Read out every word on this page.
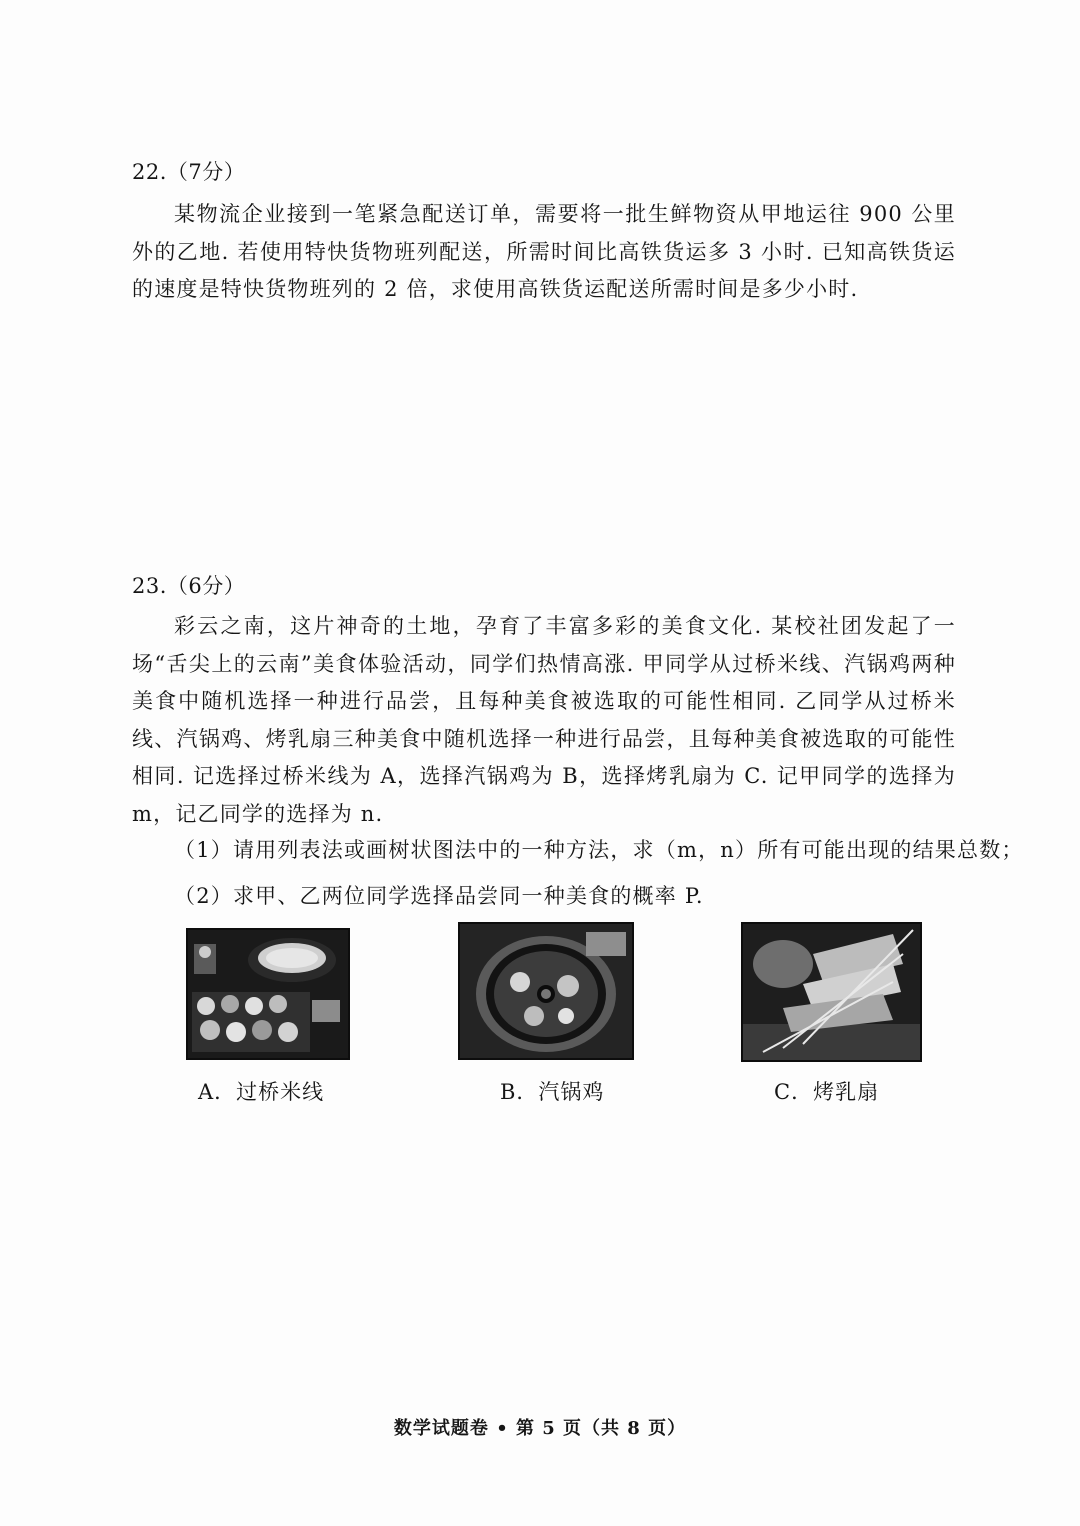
22.（7分）

某物流企业接到一笔紧急配送订单，需要将一批生鲜物资从甲地运往 900 公里外的乙地. 若使用特快货物班列配送，所需时间比高铁货运多 3 小时. 已知高铁货运的速度是特快货物班列的 2 倍，求使用高铁货运配送所需时间是多少小时.

23.（6分）

彩云之南，这片神奇的土地，孕育了丰富多彩的美食文化. 某校社团发起了一场“舌尖上的云南”美食体验活动，同学们热情高涨. 甲同学从过桥米线、汽锅鸡两种美食中随机选择一种进行品尝，且每种美食被选取的可能性相同. 乙同学从过桥米线、汽锅鸡、烤乳扇三种美食中随机选择一种进行品尝，且每种美食被选取的可能性相同. 记选择过桥米线为 A，选择汽锅鸡为 B，选择烤乳扇为 C. 记甲同学的选择为 m，记乙同学的选择为 n.

（1）请用列表法或画树状图法中的一种方法，求（m，n）所有可能出现的结果总数；
（2）求甲、乙两位同学选择品尝同一种美食的概率 P.
A．过桥米线	B．汽锅鸡	C．烤乳扇
数学试题卷 • 第 5 页（共 8 页）
